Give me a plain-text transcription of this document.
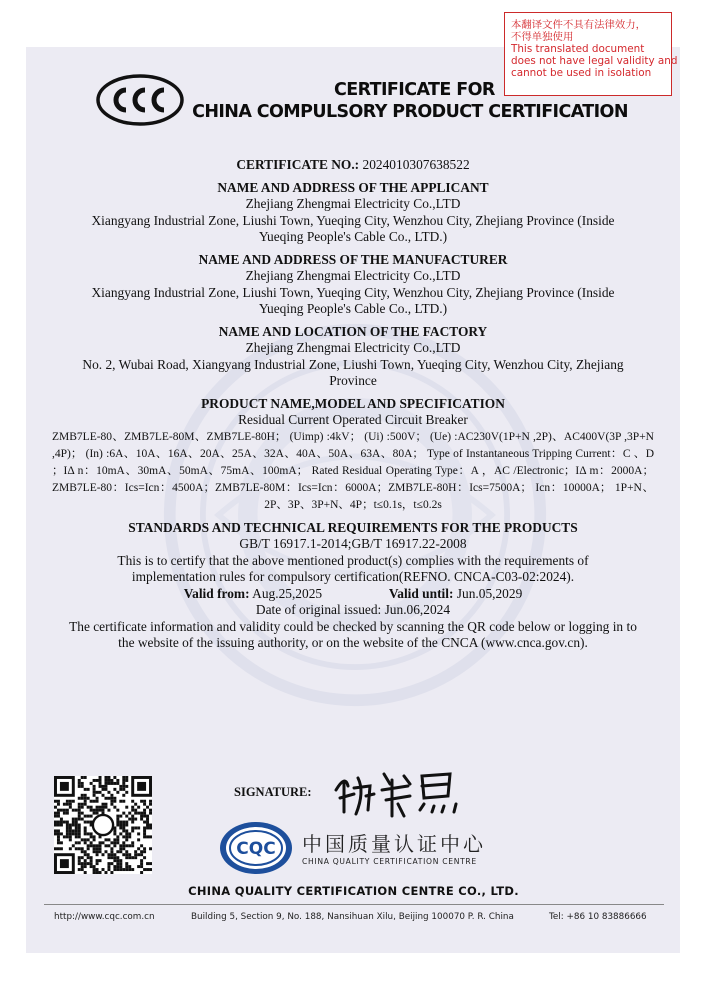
本翻译文件不具有法律效力，
不得单独使用
This translated document
does not have legal validity and
cannot be used in isolation
CERTIFICATE FOR
CHINA COMPULSORY PRODUCT CERTIFICATION
CERTIFICATE NO.: 2024010307638522
NAME AND ADDRESS OF THE APPLICANT
Zhejiang Zhengmai Electricity Co.,LTD
Xiangyang Industrial Zone, Liushi Town, Yueqing City, Wenzhou City, Zhejiang Province (Inside
Yueqing People's Cable Co., LTD.)
NAME AND ADDRESS OF THE MANUFACTURER
Zhejiang Zhengmai Electricity Co.,LTD
Xiangyang Industrial Zone, Liushi Town, Yueqing City, Wenzhou City, Zhejiang Province (Inside
Yueqing People's Cable Co., LTD.)
NAME AND LOCATION OF THE FACTORY
Zhejiang Zhengmai Electricity Co.,LTD
No. 2, Wubai Road, Xiangyang Industrial Zone, Liushi Town, Yueqing City, Wenzhou City, Zhejiang
Province
PRODUCT NAME,MODEL AND SPECIFICATION
Residual Current Operated Circuit Breaker
ZMB7LE-80、ZMB7LE-80M、ZMB7LE-80H； (Uimp) :4kV； (Ui) :500V； (Ue) :AC230V(1P+N ,2P)、AC400V(3P ,3P+N ,4P)； (In) :6A、10A、16A、20A、25A、32A、40A、50A、63A、80A； Type of Instantaneous Tripping Current：C 、D ；IΔ n：10mA、30mA、50mA、75mA、100mA； Rated Residual Operating Type：A ，AC /Electronic；IΔ m：2000A； ZMB7LE-80：Ics=Icn：4500A；ZMB7LE-80M：Ics=Icn：6000A；ZMB7LE-80H：Ics=7500A； Icn：10000A； 1P+N、2P、3P、3P+N、4P；t≤0.1s，t≤0.2s
STANDARDS AND TECHNICAL REQUIREMENTS FOR THE PRODUCTS
GB/T 16917.1-2014;GB/T 16917.22-2008
This is to certify that the above mentioned product(s) complies with the requirements of
implementation rules for compulsory certification(REFNO. CNCA-C03-02:2024).
Valid from: Aug.25,2025	Valid until: Jun.05,2029
Date of original issued: Jun.06,2024
The certificate information and validity could be checked by scanning the QR code below or logging in to
the website of the issuing authority, or on the website of the CNCA (www.cnca.gov.cn).
SIGNATURE:
CQC 中国质量认证中心
CHINA QUALITY CERTIFICATION CENTRE
CHINA QUALITY CERTIFICATION CENTRE CO., LTD.
http://www.cqc.com.cn	Building 5, Section 9, No. 188, Nansihuan Xilu, Beijing 100070 P. R. China	Tel: +86 10 83886666
